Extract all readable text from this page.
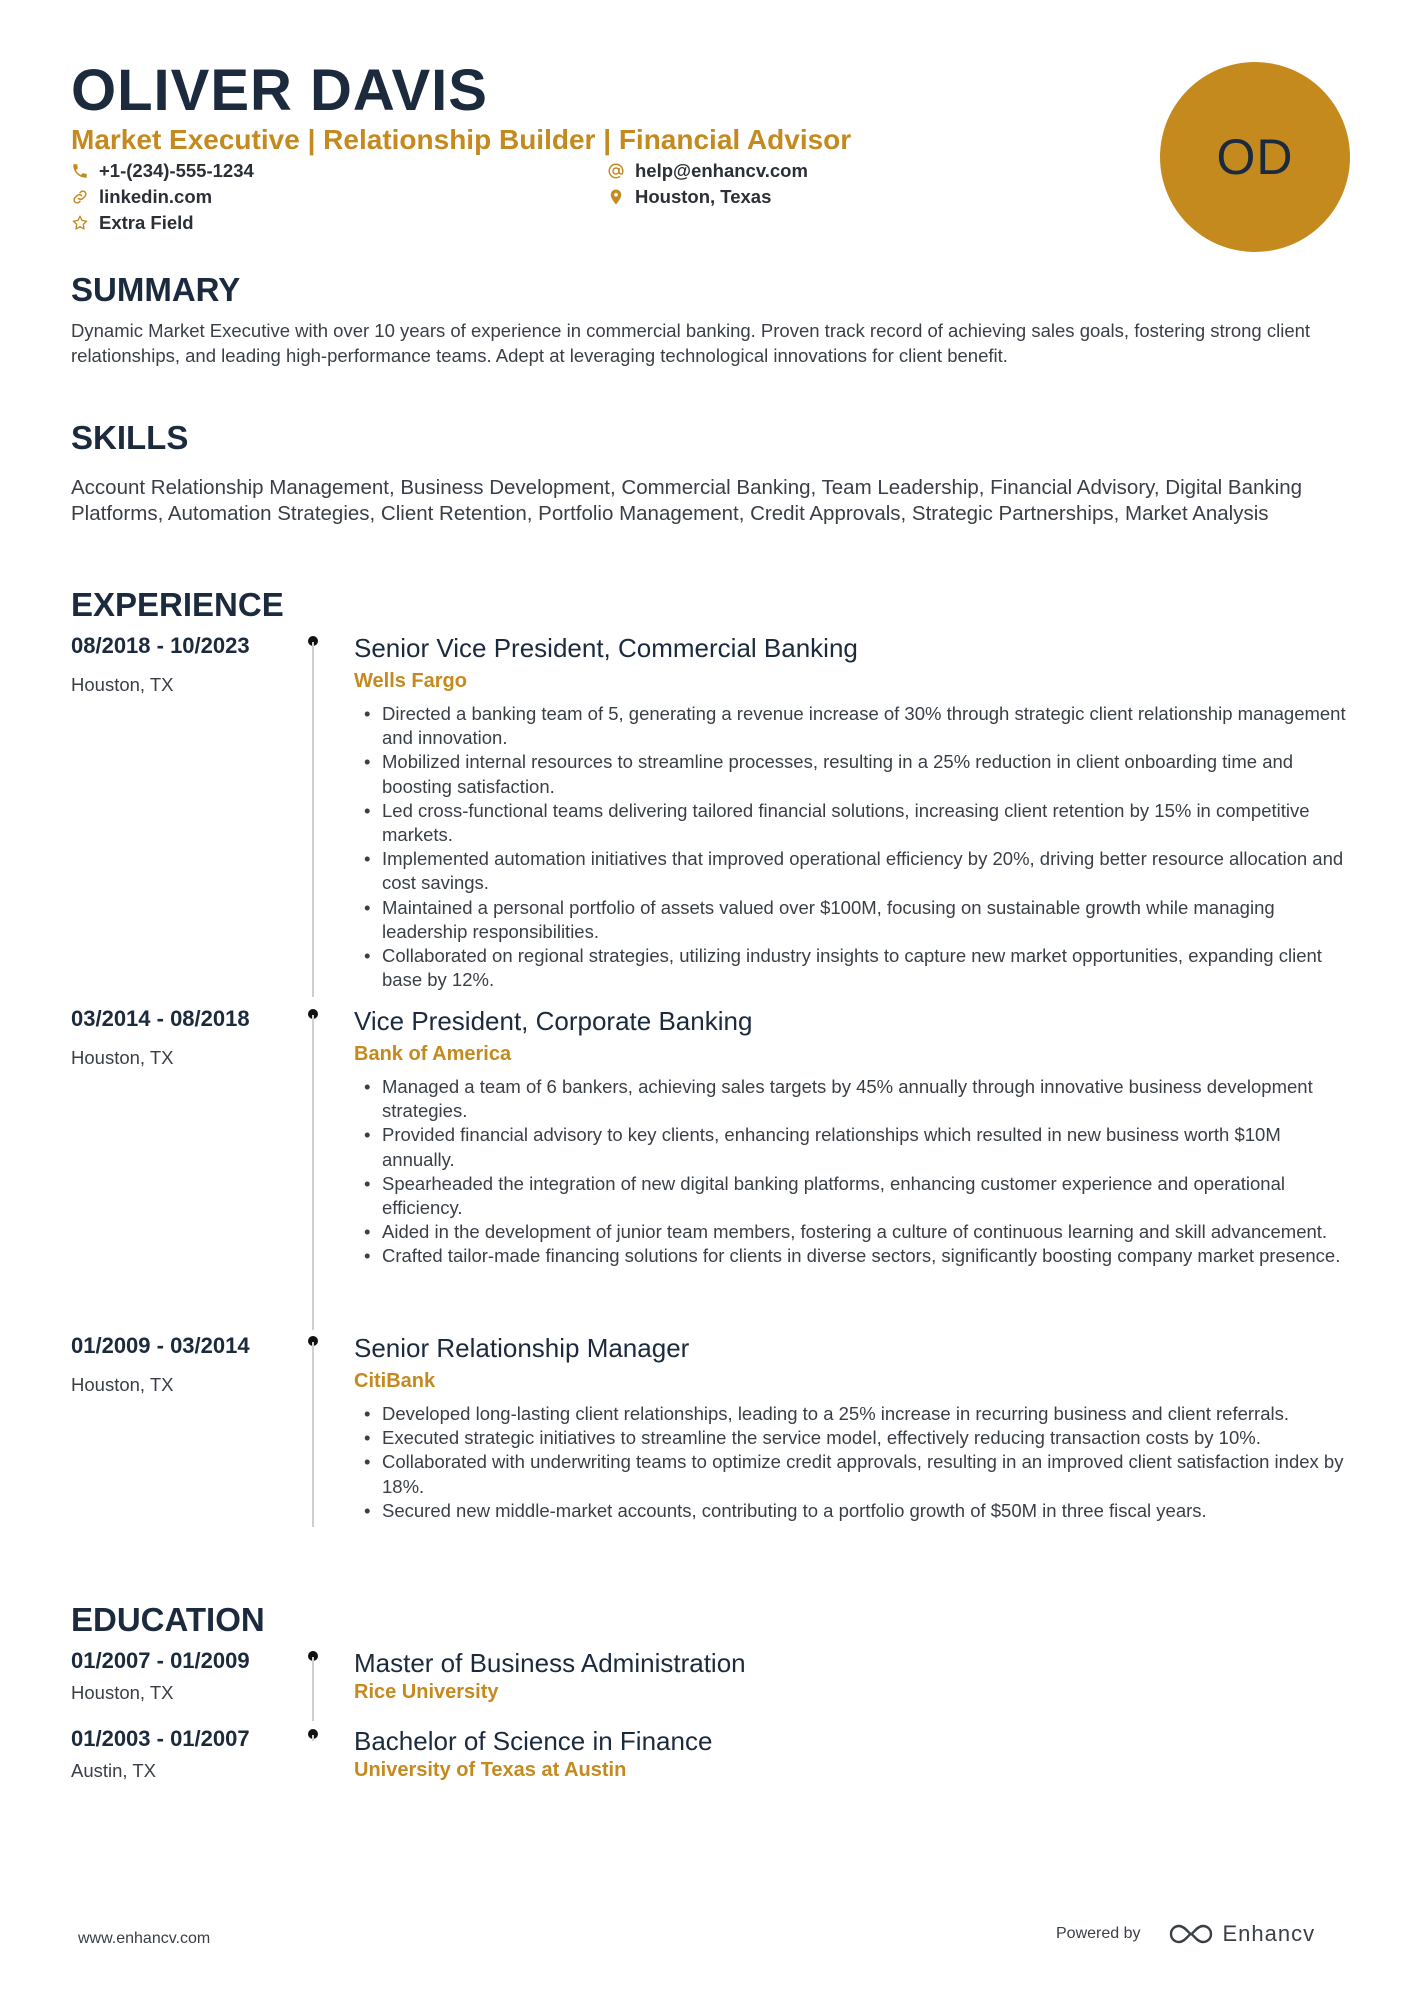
OLIVER DAVIS
Market Executive | Relationship Builder | Financial Advisor
+1-(234)-555-1234	help@enhancv.com
linkedin.com	Houston, Texas
Extra Field
OD
SUMMARY
Dynamic Market Executive with over 10 years of experience in commercial banking. Proven track record of achieving sales goals, fostering strong client relationships, and leading high-performance teams. Adept at leveraging technological innovations for client benefit.
SKILLS
Account Relationship Management, Business Development, Commercial Banking, Team Leadership, Financial Advisory, Digital Banking Platforms, Automation Strategies, Client Retention, Portfolio Management, Credit Approvals, Strategic Partnerships, Market Analysis
EXPERIENCE
08/2018 - 10/2023
Houston, TX
Senior Vice President, Commercial Banking
Wells Fargo
• Directed a banking team of 5, generating a revenue increase of 30% through strategic client relationship management and innovation.
• Mobilized internal resources to streamline processes, resulting in a 25% reduction in client onboarding time and boosting satisfaction.
• Led cross-functional teams delivering tailored financial solutions, increasing client retention by 15% in competitive markets.
• Implemented automation initiatives that improved operational efficiency by 20%, driving better resource allocation and cost savings.
• Maintained a personal portfolio of assets valued over $100M, focusing on sustainable growth while managing leadership responsibilities.
• Collaborated on regional strategies, utilizing industry insights to capture new market opportunities, expanding client base by 12%.
03/2014 - 08/2018
Houston, TX
Vice President, Corporate Banking
Bank of America
• Managed a team of 6 bankers, achieving sales targets by 45% annually through innovative business development strategies.
• Provided financial advisory to key clients, enhancing relationships which resulted in new business worth $10M annually.
• Spearheaded the integration of new digital banking platforms, enhancing customer experience and operational efficiency.
• Aided in the development of junior team members, fostering a culture of continuous learning and skill advancement.
• Crafted tailor-made financing solutions for clients in diverse sectors, significantly boosting company market presence.
01/2009 - 03/2014
Houston, TX
Senior Relationship Manager
CitiBank
• Developed long-lasting client relationships, leading to a 25% increase in recurring business and client referrals.
• Executed strategic initiatives to streamline the service model, effectively reducing transaction costs by 10%.
• Collaborated with underwriting teams to optimize credit approvals, resulting in an improved client satisfaction index by 18%.
• Secured new middle-market accounts, contributing to a portfolio growth of $50M in three fiscal years.
EDUCATION
01/2007 - 01/2009
Houston, TX
Master of Business Administration
Rice University
01/2003 - 01/2007
Austin, TX
Bachelor of Science in Finance
University of Texas at Austin
www.enhancv.com	Powered by	Enhancv
